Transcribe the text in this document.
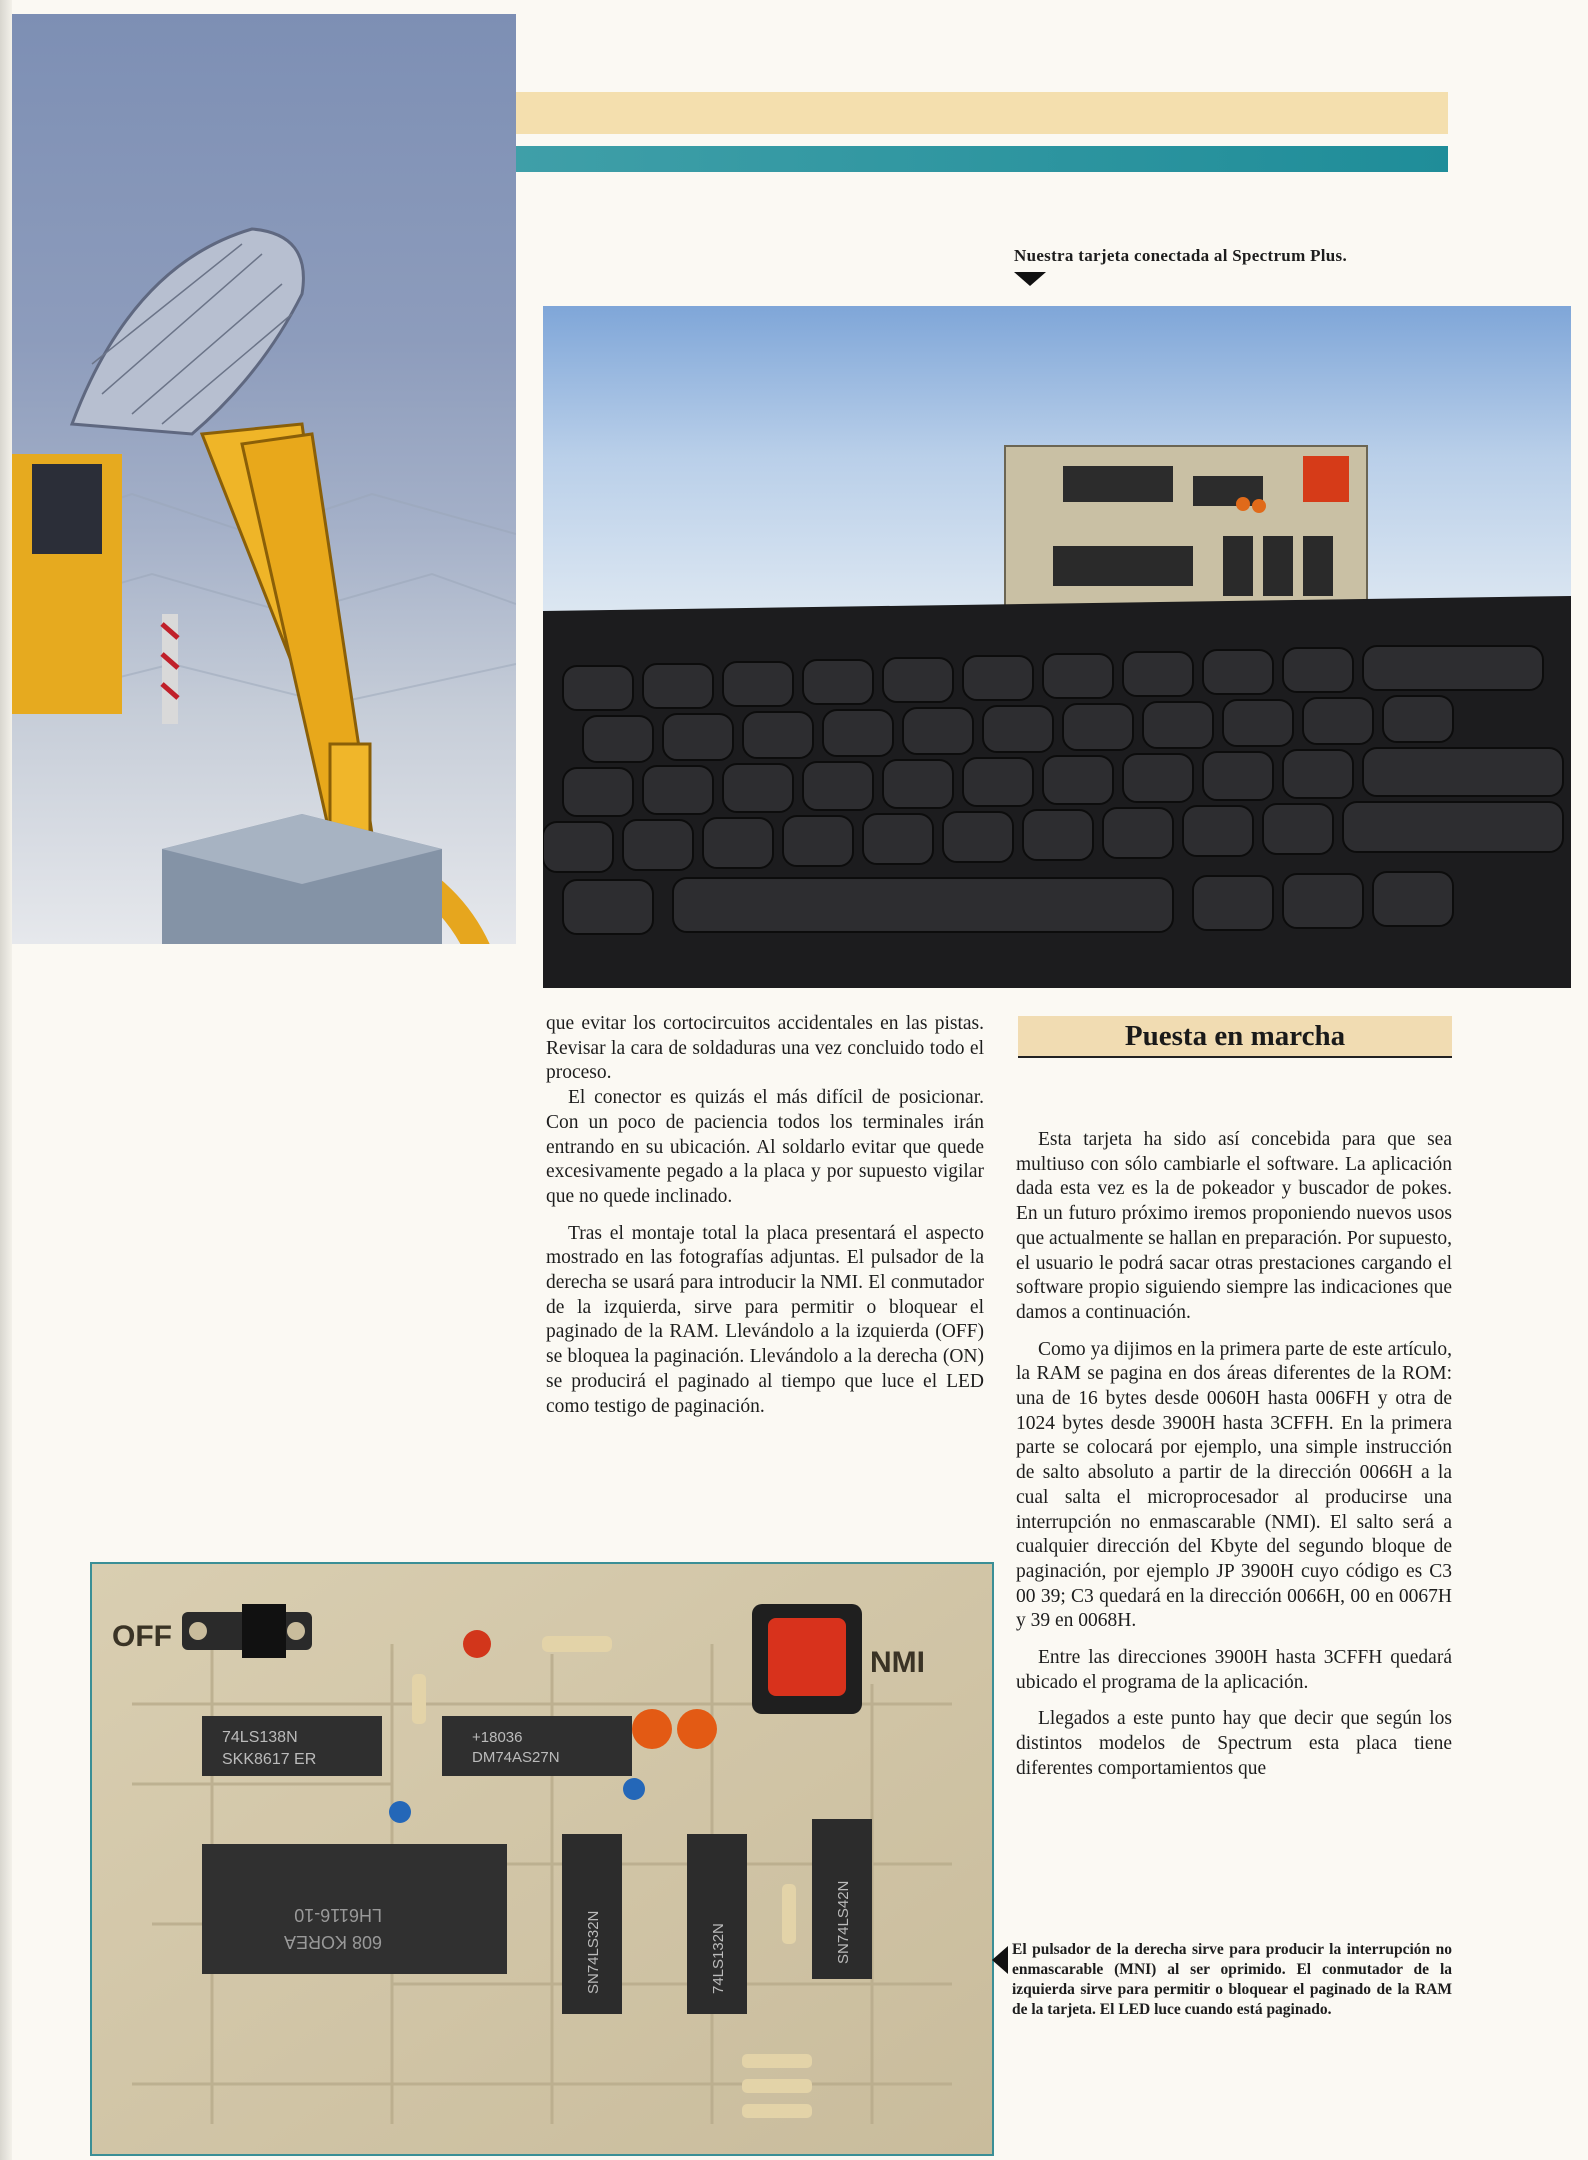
Nuestra tarjeta conectada al Spectrum Plus.

que evitar los cortocircuitos accidentales en las pistas. Revisar la cara de soldaduras una vez concluido todo el proceso.

El conector es quizás el más difícil de posicionar. Con un poco de paciencia todos los terminales irán entrando en su ubicación. Al soldarlo evitar que quede excesivamente pegado a la placa y por supuesto vigilar que no quede inclinado.

Tras el montaje total la placa presentará el aspecto mostrado en las fotografías adjuntas. El pulsador de la derecha se usará para introducir la NMI. El conmutador de la izquierda, sirve para permitir o bloquear el paginado de la RAM. Llevándolo a la izquierda (OFF) se bloquea la paginación. Llevándolo a la derecha (ON) se producirá el paginado al tiempo que luce el LED como testigo de paginación.

Puesta en marcha

Esta tarjeta ha sido así concebida para que sea multiuso con sólo cambiarle el software. La aplicación dada esta vez es la de pokeador y buscador de pokes. En un futuro próximo iremos proponiendo nuevos usos que actualmente se hallan en preparación. Por supuesto, el usuario le podrá sacar otras prestaciones cargando el software propio siguiendo siempre las indicaciones que damos a continuación.

Como ya dijimos en la primera parte de este artículo, la RAM se pagina en dos áreas diferentes de la ROM: una de 16 bytes desde 0060H hasta 006FH y otra de 1024 bytes desde 3900H hasta 3CFFH. En la primera parte se colocará por ejemplo, una simple instrucción de salto absoluto a partir de la dirección 0066H a la cual salta el microprocesador al producirse una interrupción no enmascarable (NMI). El salto será a cualquier dirección del Kbyte del segundo bloque de paginación, por ejemplo JP 3900H cuyo código es C3 00 39; C3 quedará en la dirección 0066H, 00 en 0067H y 39 en 0068H.

Entre las direcciones 3900H hasta 3CFFH quedará ubicado el programa de la aplicación.

Llegados a este punto hay que decir que según los distintos modelos de Spectrum esta placa tiene diferentes comportamientos que

OFF
NMI
74LS138N
SKK8617 ER
+18036
DM74AS27N
LH6116-10
608 KOREA	SN74LS32N	74LS132N	SN74LS42N	El pulsador de la derecha sirve para producir la interrupción no enmascarable (MNI) al ser oprimido. El conmutador de la izquierda sirve para permitir o bloquear el paginado de la RAM de la tarjeta. El LED luce cuando está paginado.
